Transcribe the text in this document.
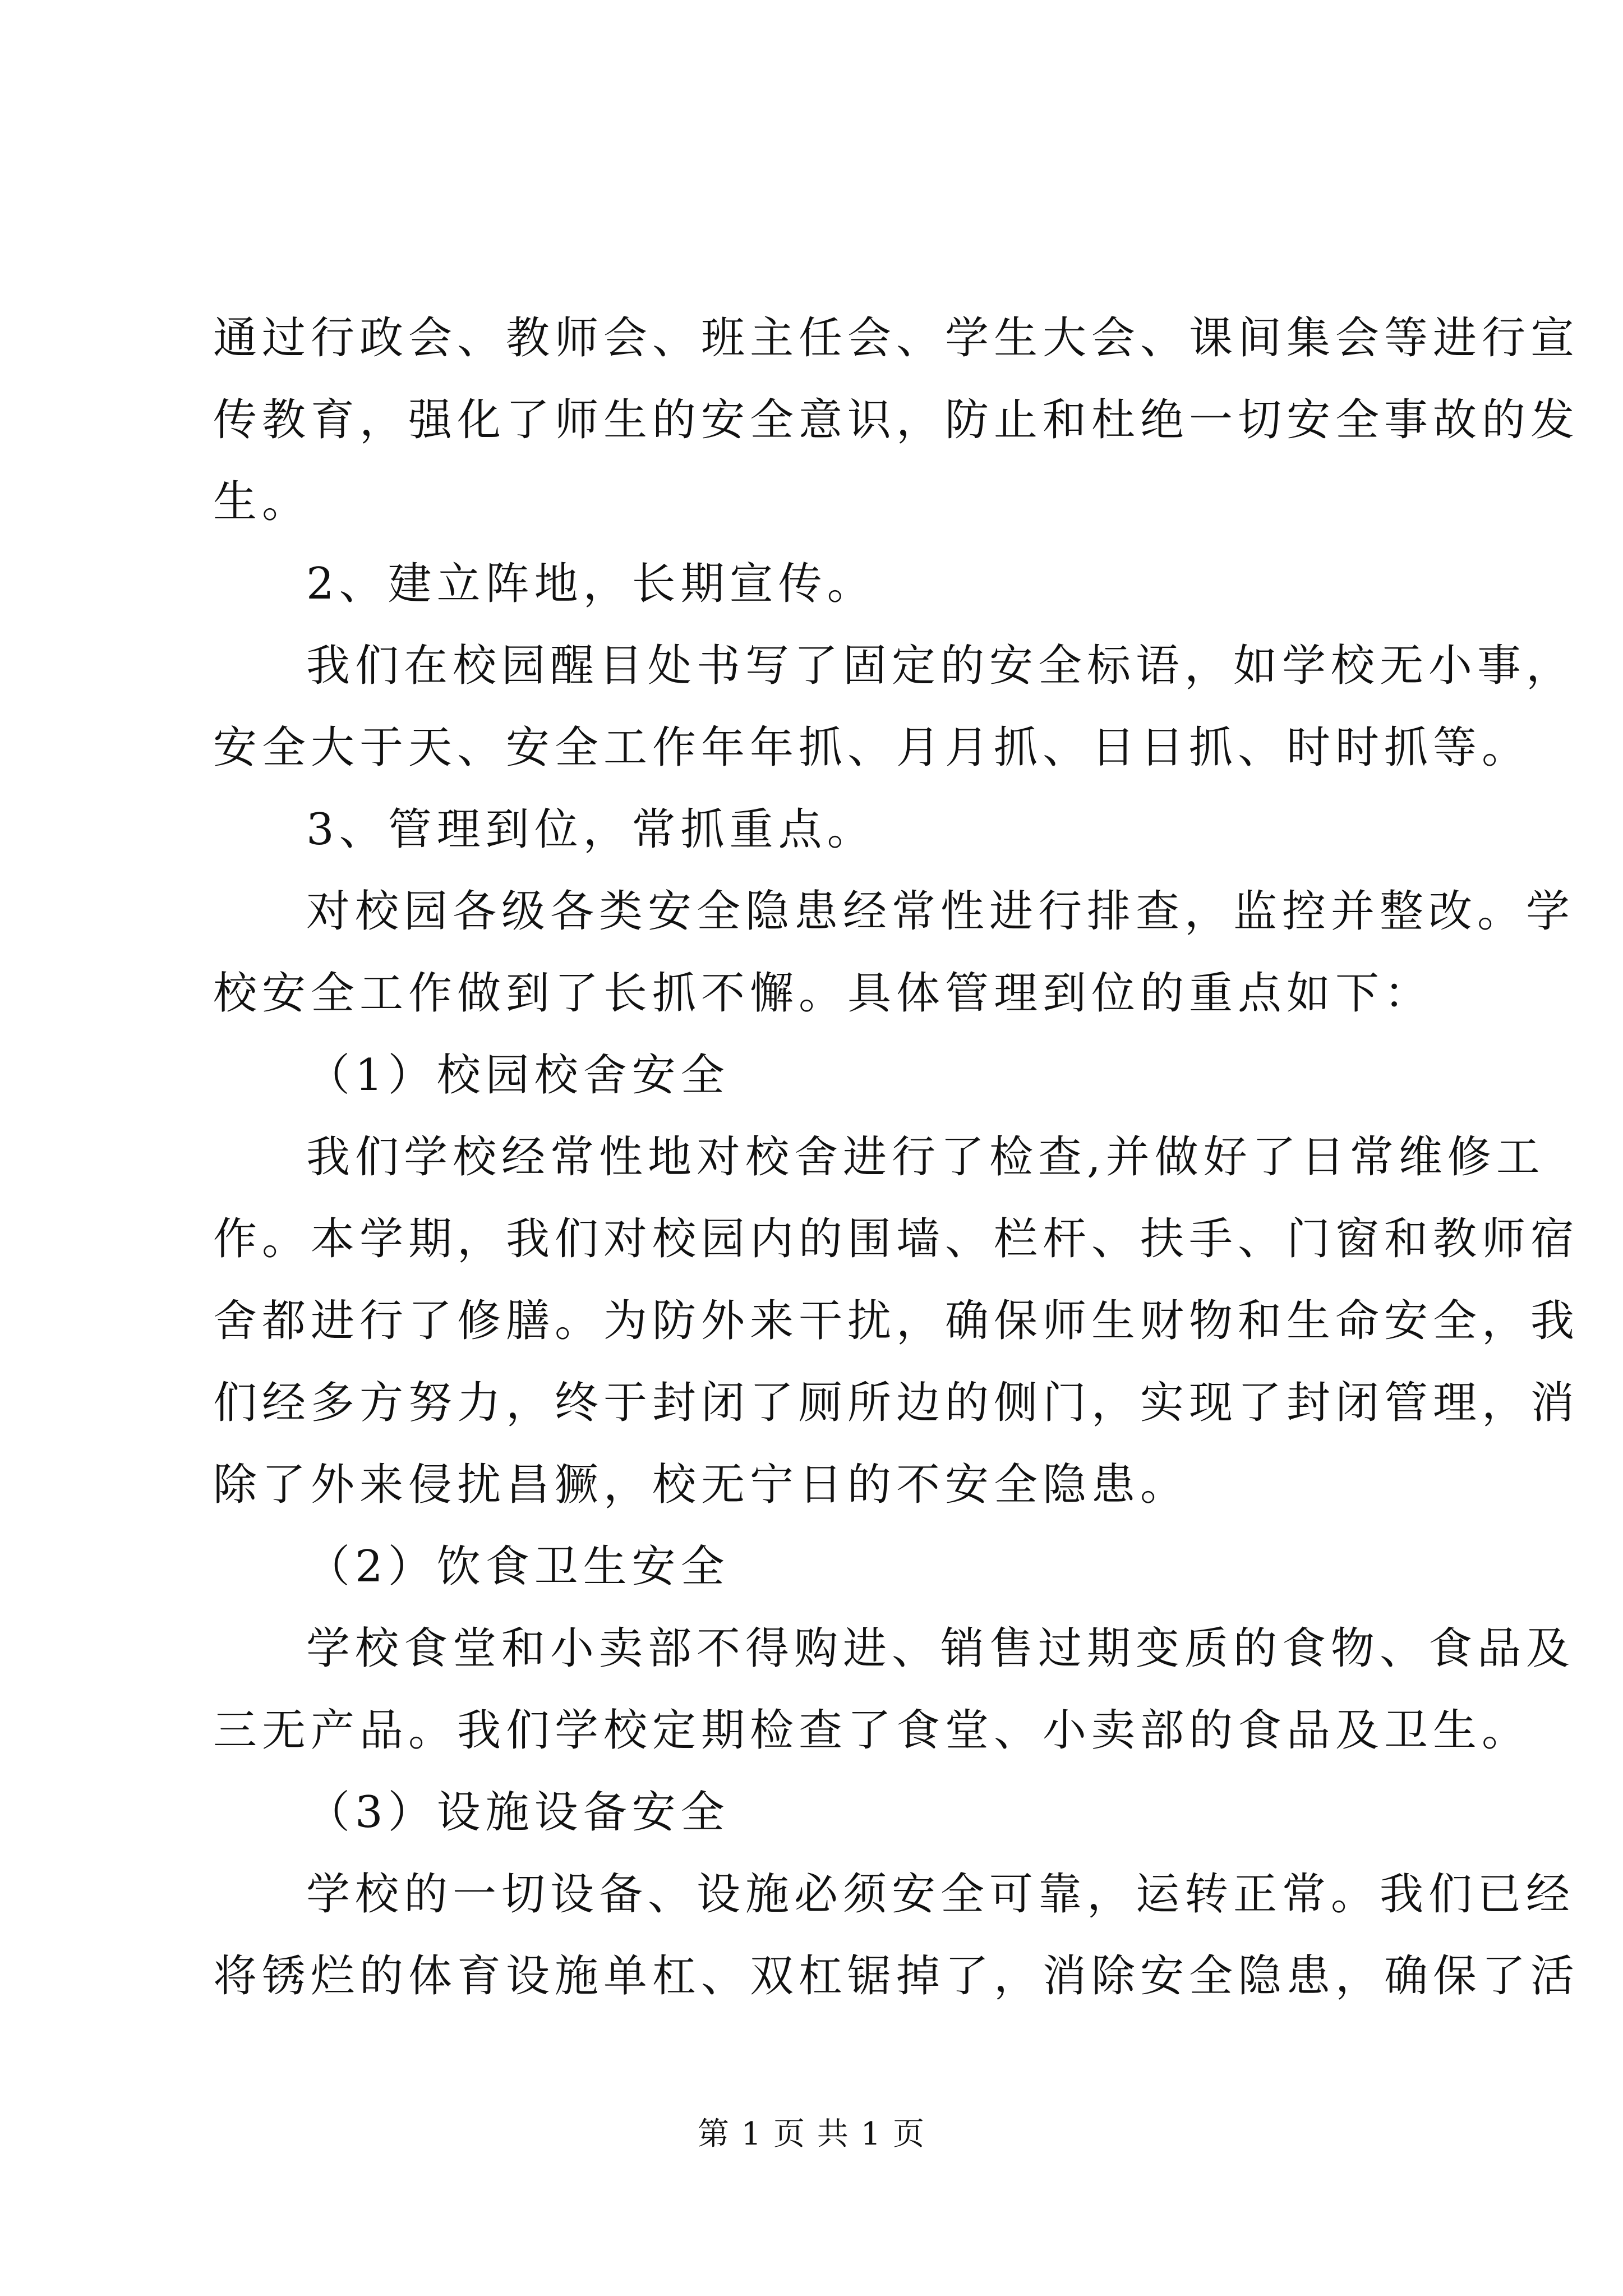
通过行政会、教师会、班主任会、学生大会、课间集会等进行宣
传教育，强化了师生的安全意识，防止和杜绝一切安全事故的发
生。
2、建立阵地，长期宣传。
我们在校园醒目处书写了固定的安全标语，如学校无小事，
安全大于天、安全工作年年抓、月月抓、日日抓、时时抓等。
3、管理到位，常抓重点。
对校园各级各类安全隐患经常性进行排查，监控并整改。学
校安全工作做到了长抓不懈。具体管理到位的重点如下：
（1）校园校舍安全
我们学校经常性地对校舍进行了检查,并做好了日常维修工
作。本学期，我们对校园内的围墙、栏杆、扶手、门窗和教师宿
舍都进行了修膳。为防外来干扰，确保师生财物和生命安全，我
们经多方努力，终于封闭了厕所边的侧门，实现了封闭管理，消
除了外来侵扰昌獗，校无宁日的不安全隐患。
（2）饮食卫生安全
学校食堂和小卖部不得购进、销售过期变质的食物、食品及
三无产品。我们学校定期检查了食堂、小卖部的食品及卫生。
（3）设施设备安全
学校的一切设备、设施必须安全可靠，运转正常。我们已经
将锈烂的体育设施单杠、双杠锯掉了，消除安全隐患，确保了活
第 1 页 共 1 页
